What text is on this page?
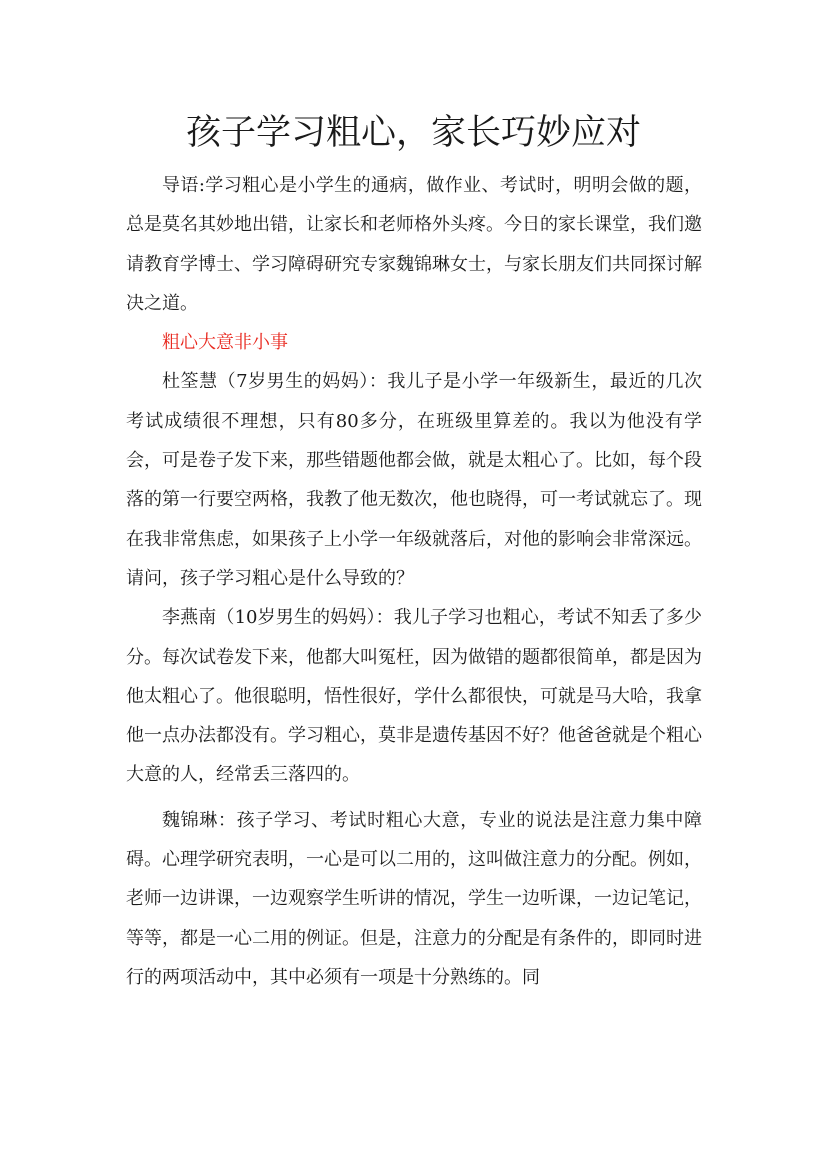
孩子学习粗心，家长巧妙应对

导语:学习粗心是小学生的通病，做作业、考试时，明明会做的题，总是莫名其妙地出错，让家长和老师格外头疼。今日的家长课堂，我们邀请教育学博士、学习障碍研究专家魏锦琳女士，与家长朋友们共同探讨解决之道。

粗心大意非小事

杜筌慧（7岁男生的妈妈）：我儿子是小学一年级新生，最近的几次考试成绩很不理想，只有80多分，在班级里算差的。我以为他没有学会，可是卷子发下来，那些错题他都会做，就是太粗心了。比如，每个段落的第一行要空两格，我教了他无数次，他也晓得，可一考试就忘了。现在我非常焦虑，如果孩子上小学一年级就落后，对他的影响会非常深远。请问，孩子学习粗心是什么导致的？

李燕南（10岁男生的妈妈）：我儿子学习也粗心，考试不知丢了多少分。每次试卷发下来，他都大叫冤枉，因为做错的题都很简单，都是因为他太粗心了。他很聪明，悟性很好，学什么都很快，可就是马大哈，我拿他一点办法都没有。学习粗心，莫非是遗传基因不好？他爸爸就是个粗心大意的人，经常丢三落四的。

魏锦琳：孩子学习、考试时粗心大意，专业的说法是注意力集中障碍。心理学研究表明，一心是可以二用的，这叫做注意力的分配。例如，老师一边讲课，一边观察学生听讲的情况，学生一边听课，一边记笔记，等等，都是一心二用的例证。但是，注意力的分配是有条件的，即同时进行的两项活动中，其中必须有一项是十分熟练的。同
